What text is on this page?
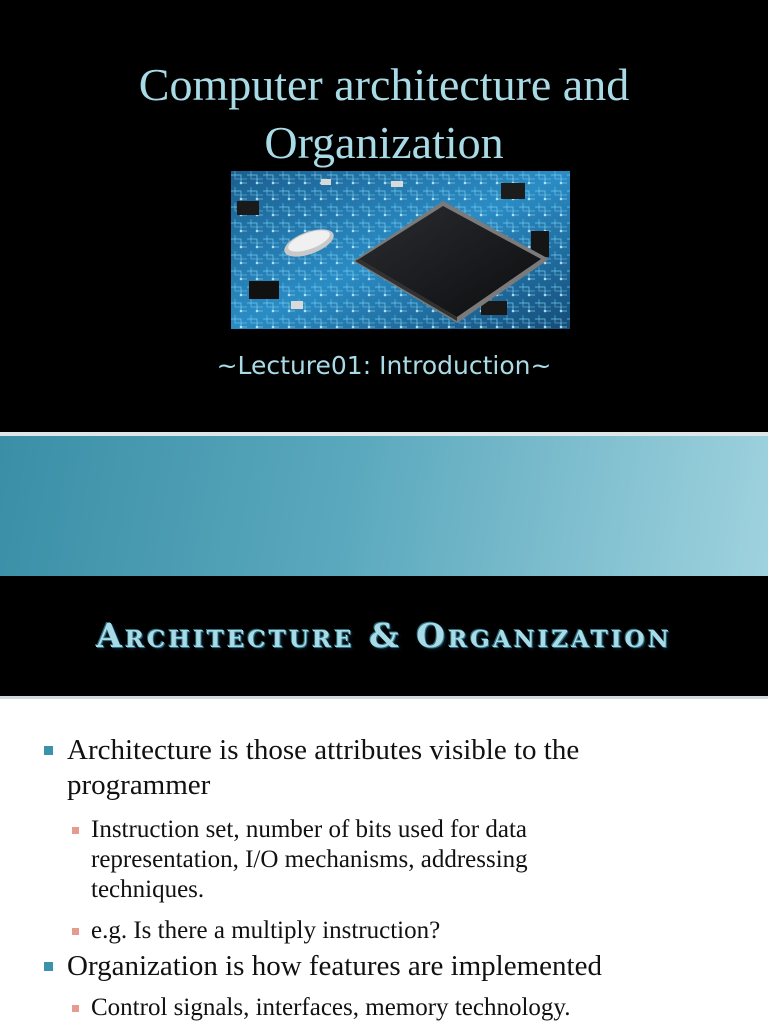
Computer architecture and
Organization
~Lecture01: Introduction~
Architecture & Organization
Architecture is those attributes visible to the
programmer
Instruction set, number of bits used for data
representation, I/O mechanisms, addressing
techniques.
e.g. Is there a multiply instruction?
Organization is how features are implemented
Control signals, interfaces, memory technology.
